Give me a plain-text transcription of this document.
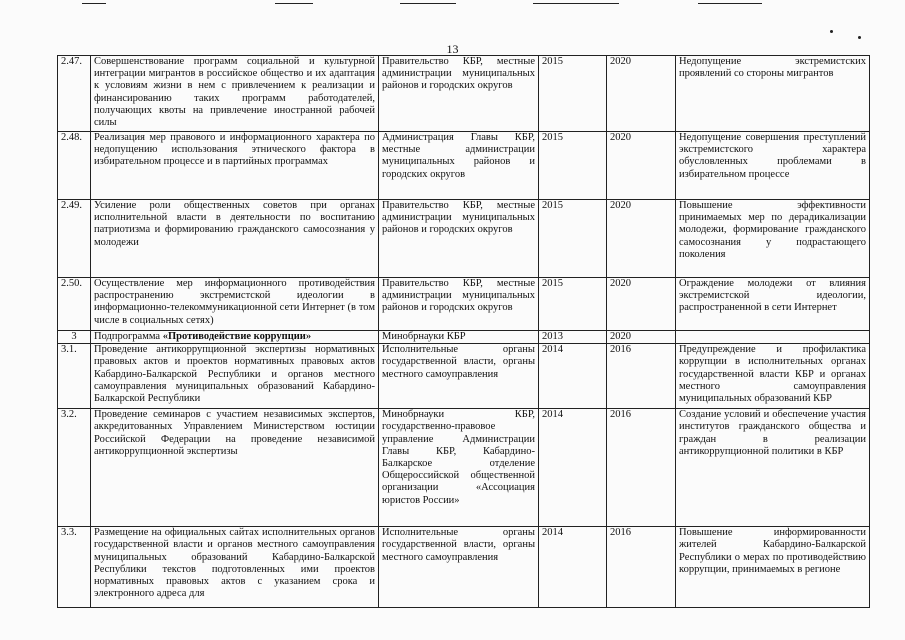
13
2.47.	Совершенствование программ социальной и культурной интеграции мигрантов в российское общество и их адаптация к условиям жизни в нем с привлечением к реализации и финансированию таких программ работодателей, получающих квоты на привлечение иностранной рабочей силы	Правительство КБР, местные администрации муниципальных районов и городских округов	2015	2020	Недопущение экстремистских проявлений со стороны мигрантов
2.48.	Реализация мер правового и информационного характера по недопущению использования этнического фактора в избирательном процессе и в партийных программах	Администрация Главы КБР, местные администрации муниципальных районов и городских округов	2015	2020	Недопущение совершения преступлений экстремистского характера обусловленных проблемами в избирательном процессе
2.49.	Усиление роли общественных советов при органах исполнительной власти в деятельности по воспитанию патриотизма и формированию гражданского самосознания у молодежи	Правительство КБР, местные администрации муниципальных районов и городских округов	2015	2020	Повышение эффективности принимаемых мер по дерадикализации молодежи, формирование гражданского самосознания у подрастающего поколения
2.50.	Осуществление мер информационного противодействия распространению экстремистской идеологии в информационно-телекоммуникационной сети Интернет (в том числе в социальных сетях)	Правительство КБР, местные администрации муниципальных районов и городских округов	2015	2020	Ограждение молодежи от влияния экстремистской идеологии, распространенной в сети Интернет
3	Подпрограмма «Противодействие коррупции»	Минобрнауки КБР	2013	2020	
3.1.	Проведение антикоррупционной экспертизы нормативных правовых актов и проектов нормативных правовых актов Кабардино-Балкарской Республики и органов местного самоуправления муниципальных образований Кабардино-Балкарской Республики	Исполнительные органы государственной власти, органы местного самоуправления	2014	2016	Предупреждение и профилактика коррупции в исполнительных органах государственной власти КБР и органах местного самоуправления муниципальных образований КБР
3.2.	Проведение семинаров с участием независимых экспертов, аккредитованных Управлением Министерством юстиции Российской Федерации на проведение независимой антикоррупционной экспертизы	Минобрнауки КБР, государственно-правовое управление Администрации Главы КБР, Кабардино-Балкарское отделение Общероссийской общественной организации «Ассоциация юристов России»	2014	2016	Создание условий и обеспечение участия институтов гражданского общества и граждан в реализации антикоррупционной политики в КБР
3.3.	Размещение на официальных сайтах исполнительных органов государственной власти и органов местного самоуправления муниципальных образований Кабардино-Балкарской Республики текстов подготовленных ими проектов нормативных правовых актов с указанием срока и электронного адреса для	Исполнительные органы государственной власти, органы местного самоуправления	2014	2016	Повышение информированности жителей Кабардино-Балкарской Республики о мерах по противодействию коррупции, принимаемых в регионе
